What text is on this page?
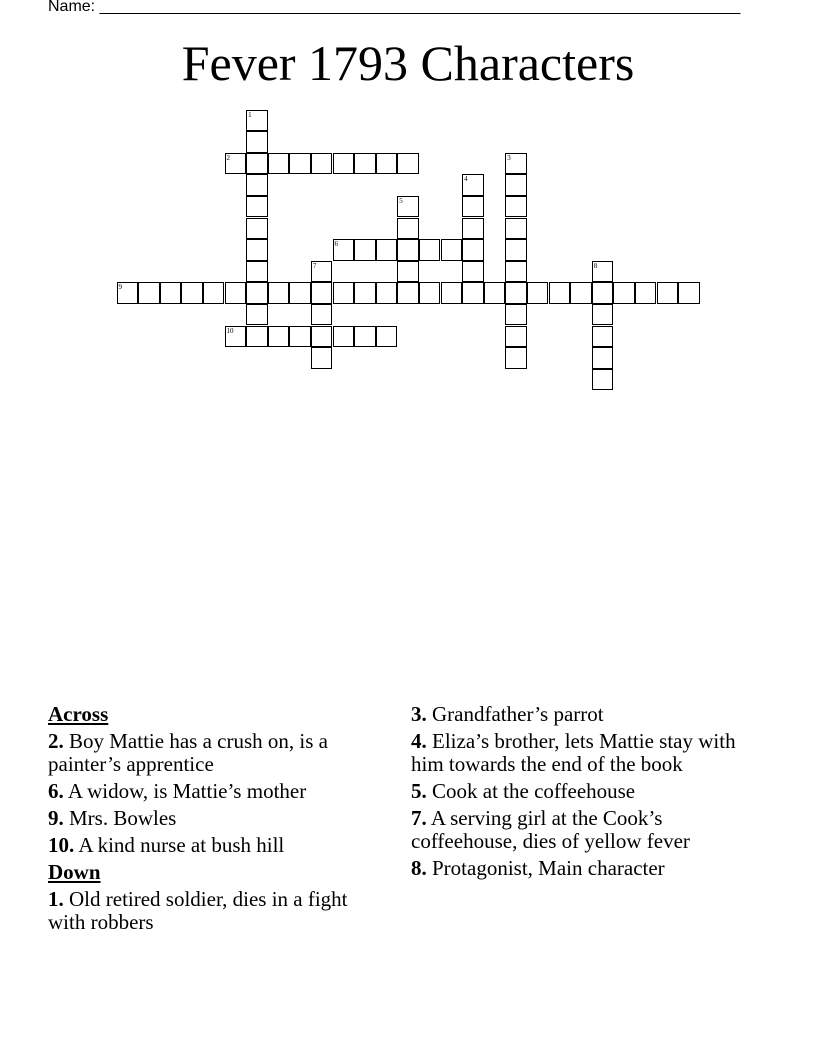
Name: ________________________________________________________________________
Fever 1793 Characters
1
2	3
4
5
6
7	8
9
10
Across
2. Boy Mattie has a crush on, is a painter’s apprentice
6. A widow, is Mattie’s mother
9. Mrs. Bowles
10. A kind nurse at bush hill
Down
1. Old retired soldier, dies in a fight with robbers
3. Grandfather’s parrot
4. Eliza’s brother, lets Mattie stay with him towards the end of the book
5. Cook at the coffeehouse
7. A serving girl at the Cook’s coffeehouse, dies of yellow fever
8. Protagonist, Main character
